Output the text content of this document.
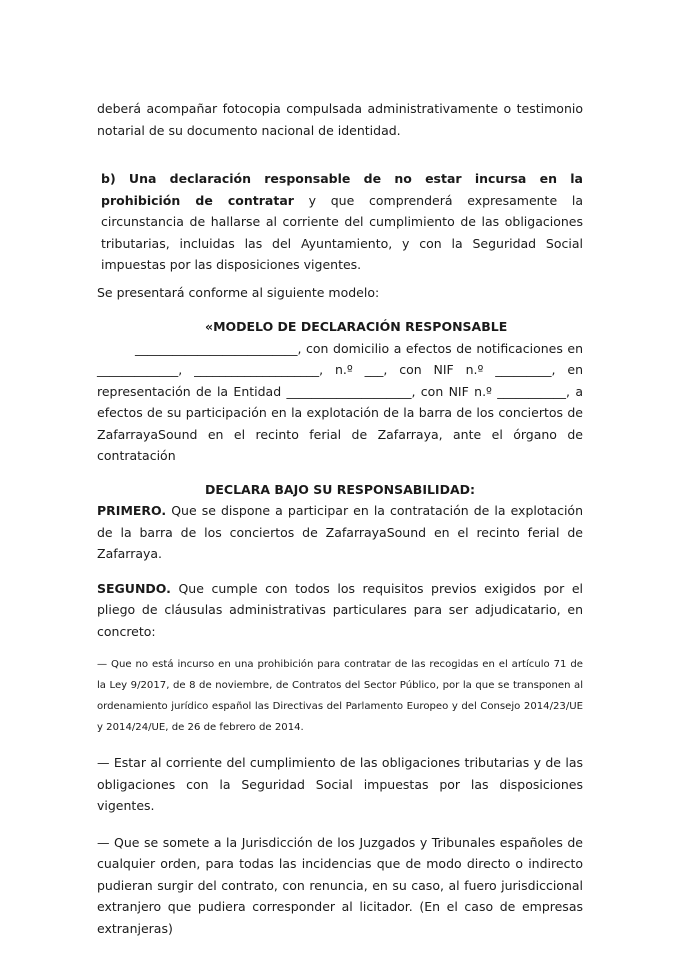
deberá acompañar fotocopia compulsada administrativamente o testimonio notarial de su documento nacional de identidad.

b) Una declaración responsable de no estar incursa en la prohibición de contratar y que comprenderá expresamente la circunstancia de hallarse al corriente del cumplimiento de las obligaciones tributarias, incluidas las del Ayuntamiento, y con la Seguridad Social impuestas por las disposiciones vigentes.

Se presentará conforme al siguiente modelo:

«MODELO DE DECLARACIÓN RESPONSABLE

__________________________, con domicilio a efectos de notificaciones en _____________, ____________________, n.º ___, con NIF n.º _________, en representación de la Entidad ____________________, con NIF n.º ___________, a efectos de su participación en la explotación de la barra de los conciertos de ZafarrayaSound en el recinto ferial de Zafarraya, ante el órgano de contratación

DECLARA BAJO SU RESPONSABILIDAD:

PRIMERO. Que se dispone a participar en la contratación de la explotación de la barra de los conciertos de ZafarrayaSound en el recinto ferial de Zafarraya.

SEGUNDO. Que cumple con todos los requisitos previos exigidos por el pliego de cláusulas administrativas particulares para ser adjudicatario, en concreto:

— Que no está incurso en una prohibición para contratar de las recogidas en el artículo 71 de la Ley 9/2017, de 8 de noviembre, de Contratos del Sector Público, por la que se transponen al ordenamiento jurídico español las Directivas del Parlamento Europeo y del Consejo 2014/23/UE y 2014/24/UE, de 26 de febrero de 2014.

— Estar al corriente del cumplimiento de las obligaciones tributarias y de las obligaciones con la Seguridad Social impuestas por las disposiciones vigentes.

— Que se somete a la Jurisdicción de los Juzgados y Tribunales españoles de cualquier orden, para todas las incidencias que de modo directo o indirecto pudieran surgir del contrato, con renuncia, en su caso, al fuero jurisdiccional extranjero que pudiera corresponder al licitador. (En el caso de empresas extranjeras)
